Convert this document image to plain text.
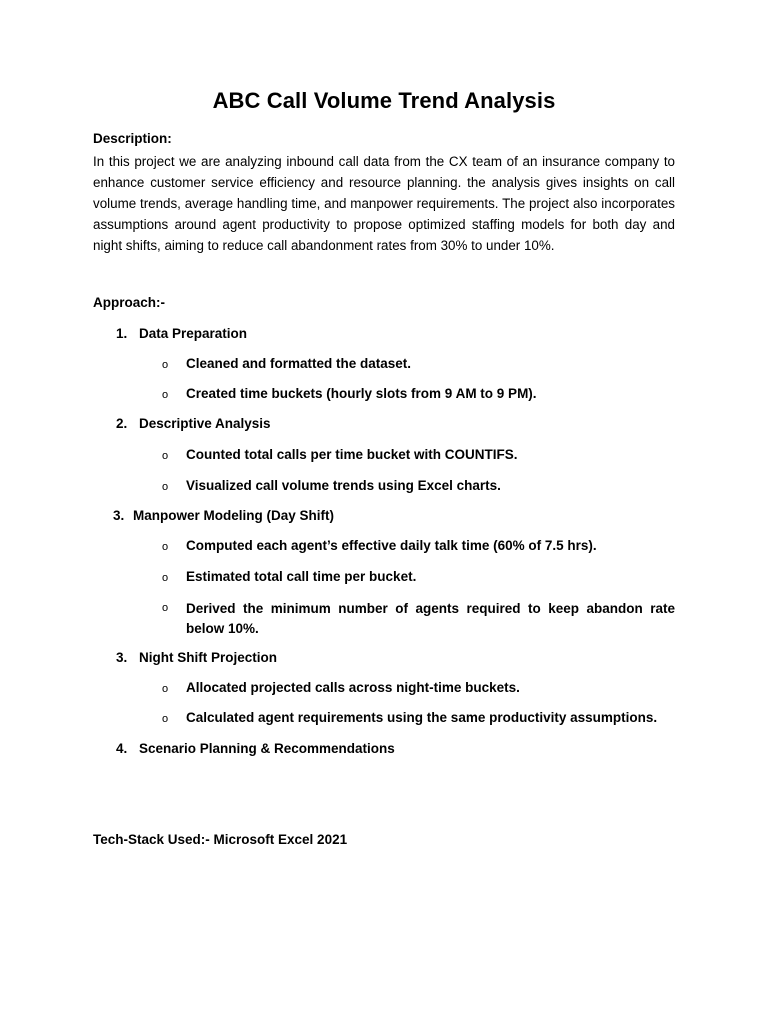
ABC Call Volume Trend Analysis
Description:
In this project we are analyzing inbound call data from the CX team of an insurance company to enhance customer service efficiency and resource planning. the analysis gives insights on call volume trends, average handling time, and manpower requirements. The project also incorporates assumptions around agent productivity to propose optimized staffing models for both day and night shifts, aiming to reduce call abandonment rates from 30% to under 10%.
Approach:-
1. Data Preparation
o Cleaned and formatted the dataset.
o Created time buckets (hourly slots from 9 AM to 9 PM).
2. Descriptive Analysis
o Counted total calls per time bucket with COUNTIFS.
o Visualized call volume trends using Excel charts.
3. Manpower Modeling (Day Shift)
o Computed each agent’s effective daily talk time (60% of 7.5 hrs).
o Estimated total call time per bucket.
o Derived the minimum number of agents required to keep abandon rate below 10%.
3. Night Shift Projection
o Allocated projected calls across night-time buckets.
o Calculated agent requirements using the same productivity assumptions.
4. Scenario Planning & Recommendations
Tech-Stack Used:- Microsoft Excel 2021
